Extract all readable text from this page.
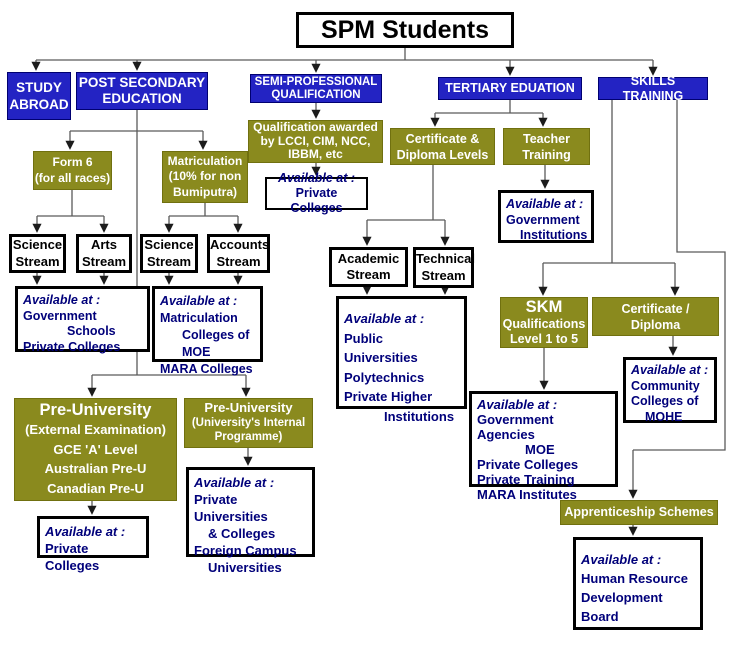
SPM Students
STUDY
ABROAD
POST SECONDARY
EDUCATION
SEMI-PROFESSIONAL
QUALIFICATION	TERTIARY EDUATION
SKILLS TRAINING
Form 6
(for all races)
Matriculation
(10% for non
Bumiputra)
Qualification awarded
by LCCI, CIM, NCC,
IBBM, etc
Certificate &
Diploma Levels
Teacher
Training
Available at :
Private Colleges
Science
Stream
Arts
Stream
Science
Stream
Accounts
Stream	Academic
Stream
Technical
Stream
Available at :
Government
Schools
Private Colleges
Available at :
Matriculation
Colleges of MOE
MARA Colleges
Available at :
Public Universities
Polytechnics
Private Higher
Institutions
Available at :
Government
Institutions
SKM
Qualifications
Level 1 to 5
Certificate /
Diploma
Pre-University
(External Examination)
GCE 'A' Level
Australian Pre-U
Canadian Pre-U
Pre-University
(University's Internal
Programme)
Apprenticeship Schemes
Available at :
Private Colleges
Available at :
Private Universities
& Colleges
Foreign Campus
Universities
Available at :
Government Agencies
MOE
Private Colleges
Private Training
MARA Institutes
Available at :
Community
Colleges of
MOHE
Available at :
Human Resource
Development Board
